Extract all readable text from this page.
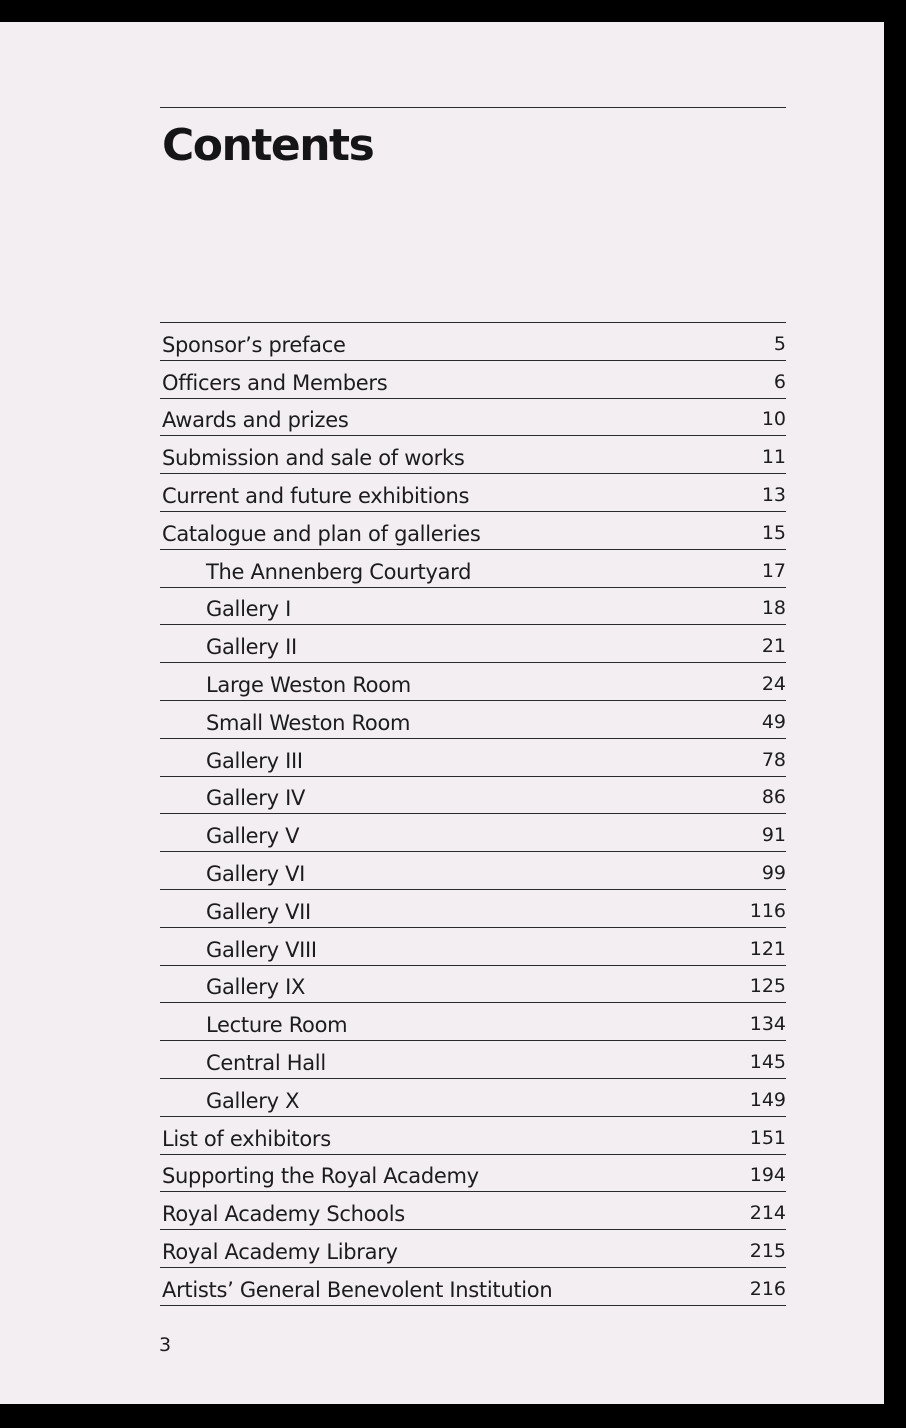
Contents
Sponsor’s preface	5
Officers and Members	6
Awards and prizes	10
Submission and sale of works	11
Current and future exhibitions	13
Catalogue and plan of galleries	15
The Annenberg Courtyard	17
Gallery I	18
Gallery II	21
Large Weston Room	24
Small Weston Room	49
Gallery III	78
Gallery IV	86
Gallery V	91
Gallery VI	99
Gallery VII	116
Gallery VIII	121
Gallery IX	125
Lecture Room	134
Central Hall	145
Gallery X	149
List of exhibitors	151
Supporting the Royal Academy	194
Royal Academy Schools	214
Royal Academy Library	215
Artists’ General Benevolent Institution	216
3
